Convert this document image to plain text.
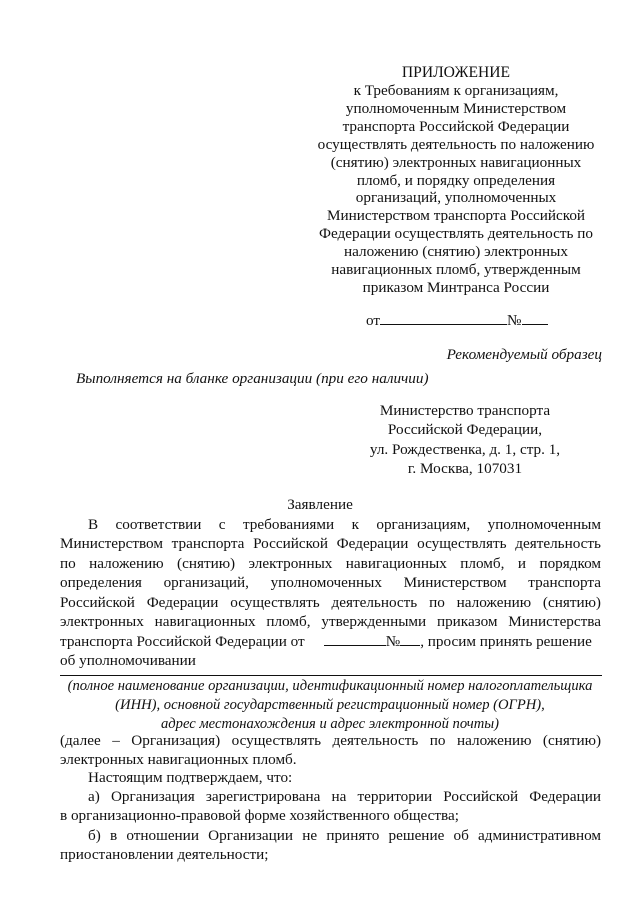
ПРИЛОЖЕНИЕ
к Требованиям к организациям,
уполномоченным Министерством
транспорта Российской Федерации
осуществлять деятельность по наложению
(снятию) электронных навигационных
пломб, и порядку определения
организаций, уполномоченных
Министерством транспорта Российской
Федерации осуществлять деятельность по
наложению (снятию) электронных
навигационных пломб, утвержденным
приказом Минтранса России
от	№
Рекомендуемый образец
Выполняется на бланке организации (при его наличии)
Министерство транспорта
Российской Федерации,
ул. Рождественка, д. 1, стр. 1,
г. Москва, 107031
Заявление
В соответствии с требованиями к организациям, уполномоченным
Министерством транспорта Российской Федерации осуществлять деятельность
по наложению (снятию) электронных навигационных пломб, и порядком
определения организаций, уполномоченных Министерством транспорта
Российской Федерации осуществлять деятельность по наложению (снятию)
электронных навигационных пломб, утвержденными приказом Министерства
транспорта Российской Федерации от	№ , просим принять решение
об уполномочивании
(полное наименование организации, идентификационный номер налогоплательщика
(ИНН), основной государственный регистрационный номер (ОГРН),
адрес местонахождения и адрес электронной почты)
(далее – Организация) осуществлять деятельность по наложению (снятию)
электронных навигационных пломб.
Настоящим подтверждаем, что:
а) Организация зарегистрирована на территории Российской Федерации
в организационно-правовой форме хозяйственного общества;
б) в отношении Организации не принято решение об административном
приостановлении деятельности;
